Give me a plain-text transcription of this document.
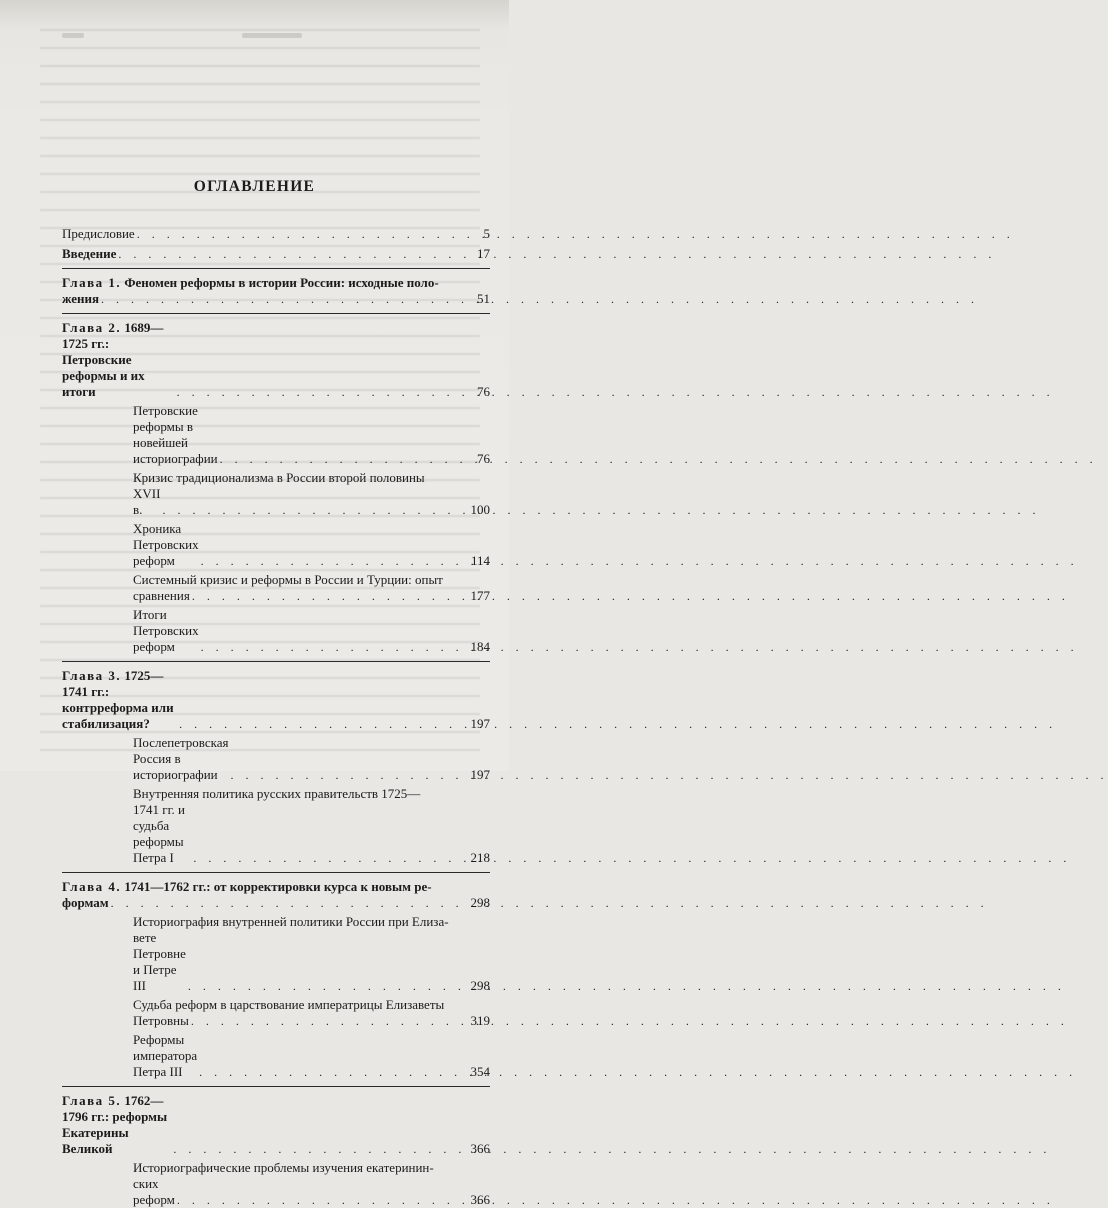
ОГЛАВЛЕНИЕ
Предисловие . . .	5
Введение . . .	17
Глава 1. Феномен реформы в истории России: исходные поло-
жения . . .	51
Глава 2. 1689—1725 гг.: Петровские реформы и их итоги . . .	76
Петровские реформы в новейшей историографии . . .	76
Кризис традиционализма в России второй половины
XVII в. . . .	100
Хроника Петровских реформ . . .	114
Системный кризис и реформы в России и Турции: опыт
сравнения . . .	177
Итоги Петровских реформ . . .	184
Глава 3. 1725—1741 гг.: контрреформа или стабилизация? . . .	197
Послепетровская Россия в историографии . . .	197
Внутренняя политика русских правительств 1725—
1741 гг. и судьба реформы Петра I . . .	218
Глава 4. 1741—1762 гг.: от корректировки курса к новым ре-
формам . . .	298
Историография внутренней политики России при Елиза-
вете Петровне и Петре III . . .	298
Судьба реформ в царствование императрицы Елизаветы
Петровны . . .	319
Реформы императора Петра III . . .	354
Глава 5. 1762—1796 гг.: реформы Екатерины Великой . . .	366
Историографические проблемы изучения екатеринин-
ских реформ . . .	366
